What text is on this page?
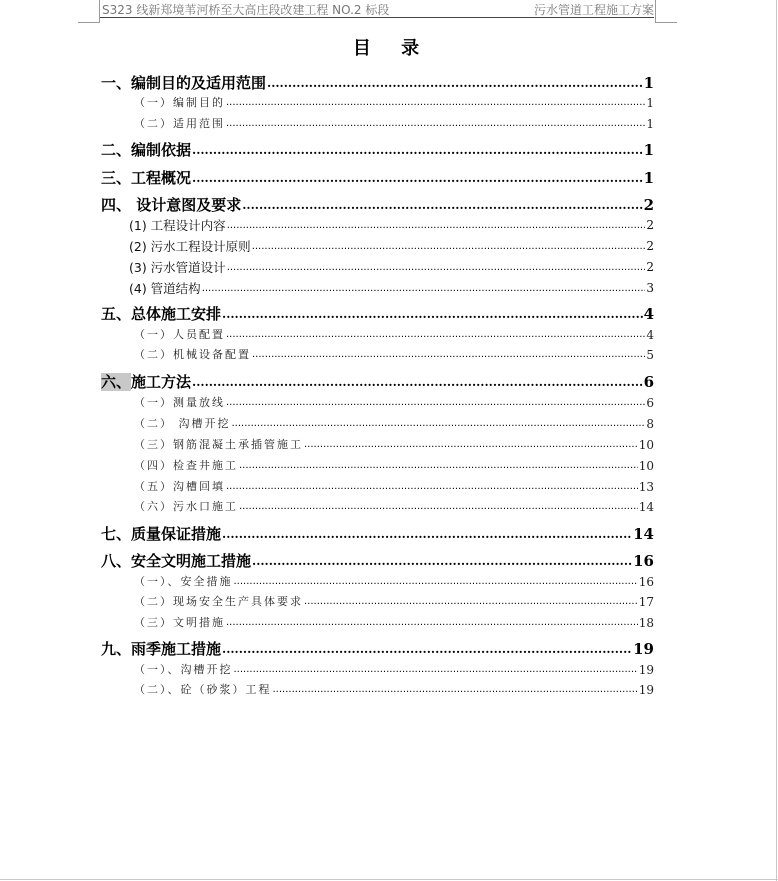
S323 线新郑境苇河桥至大高庄段改建工程 NO.2 标段	污水管道工程施工方案
目 录
一、编制目的及适用范围 .....	1
（一）编制目的 .....	1
（二）适用范围 .....	1
二、编制依据 .....	1
三、工程概况 .....	1
四、 设计意图及要求 .....	2
(1) 工程设计内容 .....	2
(2) 污水工程设计原则 .....	2
(3) 污水管道设计 .....	2
(4) 管道结构 .....	3
五、总体施工安排 .....	4
（一）人员配置 .....	4
（二）机械设备配置 .....	5
六、施工方法 .....	6
（一）测量放线 .....	6
（二） 沟槽开挖 .....	8
（三）钢筋混凝土承插管施工 .....	10
（四）检查井施工 .....	10
（五）沟槽回填 .....	13
（六）污水口施工 .....	14
七、质量保证措施 .....	14
八、安全文明施工措施 .....	16
（一）、安全措施 .....	16
（二）现场安全生产具体要求 .....	17
（三）文明措施 .....	18
九、雨季施工措施 .....	19
（一）、沟槽开挖 .....	19
（二）、砼（砂浆）工程 .....	19
